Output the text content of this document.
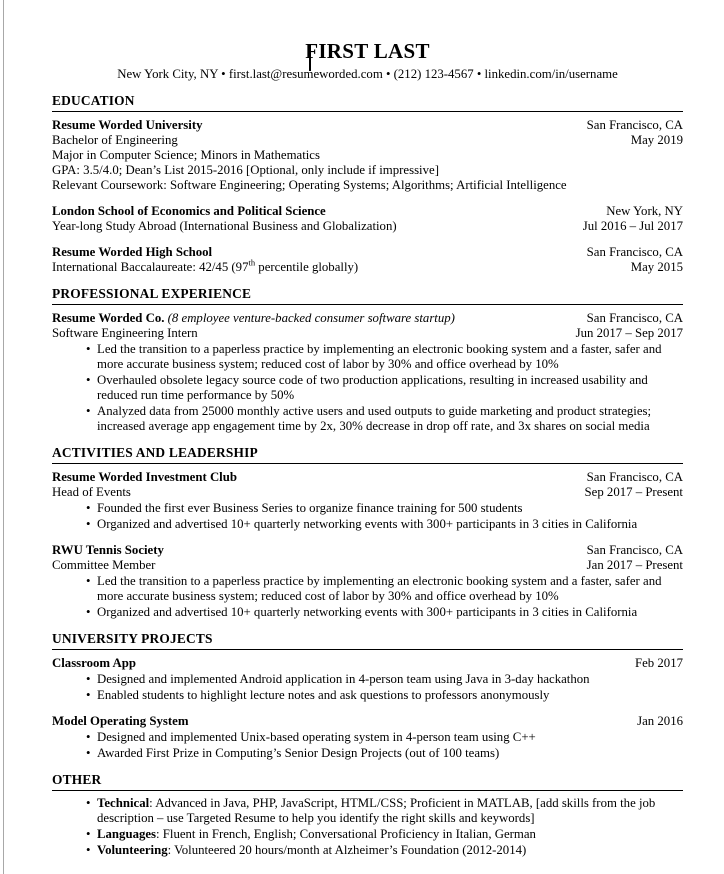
FIRST LAST
New York City, NY • first.last@resumeworded.com • (212) 123-4567 • linkedin.com/in/username
EDUCATION
Resume Worded University	San Francisco, CA
Bachelor of Engineering	May 2019
Major in Computer Science; Minors in Mathematics
GPA: 3.5/4.0; Dean’s List 2015-2016 [Optional, only include if impressive]
Relevant Coursework: Software Engineering; Operating Systems; Algorithms; Artificial Intelligence
London School of Economics and Political Science	New York, NY
Year-long Study Abroad (International Business and Globalization)	Jul 2016 – Jul 2017
Resume Worded High School	San Francisco, CA
International Baccalaureate: 42/45 (97th percentile globally)	May 2015
PROFESSIONAL EXPERIENCE
Resume Worded Co. (8 employee venture-backed consumer software startup)	San Francisco, CA
Software Engineering Intern	Jun 2017 – Sep 2017
• Led the transition to a paperless practice by implementing an electronic booking system and a faster, safer and more accurate business system; reduced cost of labor by 30% and office overhead by 10%
• Overhauled obsolete legacy source code of two production applications, resulting in increased usability and reduced run time performance by 50%
• Analyzed data from 25000 monthly active users and used outputs to guide marketing and product strategies; increased average app engagement time by 2x, 30% decrease in drop off rate, and 3x shares on social media
ACTIVITIES AND LEADERSHIP
Resume Worded Investment Club	San Francisco, CA
Head of Events	Sep 2017 – Present
• Founded the first ever Business Series to organize finance training for 500 students
• Organized and advertised 10+ quarterly networking events with 300+ participants in 3 cities in California
RWU Tennis Society	San Francisco, CA
Committee Member	Jan 2017 – Present
• Led the transition to a paperless practice by implementing an electronic booking system and a faster, safer and more accurate business system; reduced cost of labor by 30% and office overhead by 10%
• Organized and advertised 10+ quarterly networking events with 300+ participants in 3 cities in California
UNIVERSITY PROJECTS
Classroom App	Feb 2017
• Designed and implemented Android application in 4-person team using Java in 3-day hackathon
• Enabled students to highlight lecture notes and ask questions to professors anonymously
Model Operating System	Jan 2016
• Designed and implemented Unix-based operating system in 4-person team using C++
• Awarded First Prize in Computing’s Senior Design Projects (out of 100 teams)
OTHER
• Technical: Advanced in Java, PHP, JavaScript, HTML/CSS; Proficient in MATLAB, [add skills from the job description – use Targeted Resume to help you identify the right skills and keywords]
• Languages: Fluent in French, English; Conversational Proficiency in Italian, German
• Volunteering: Volunteered 20 hours/month at Alzheimer’s Foundation (2012-2014)
